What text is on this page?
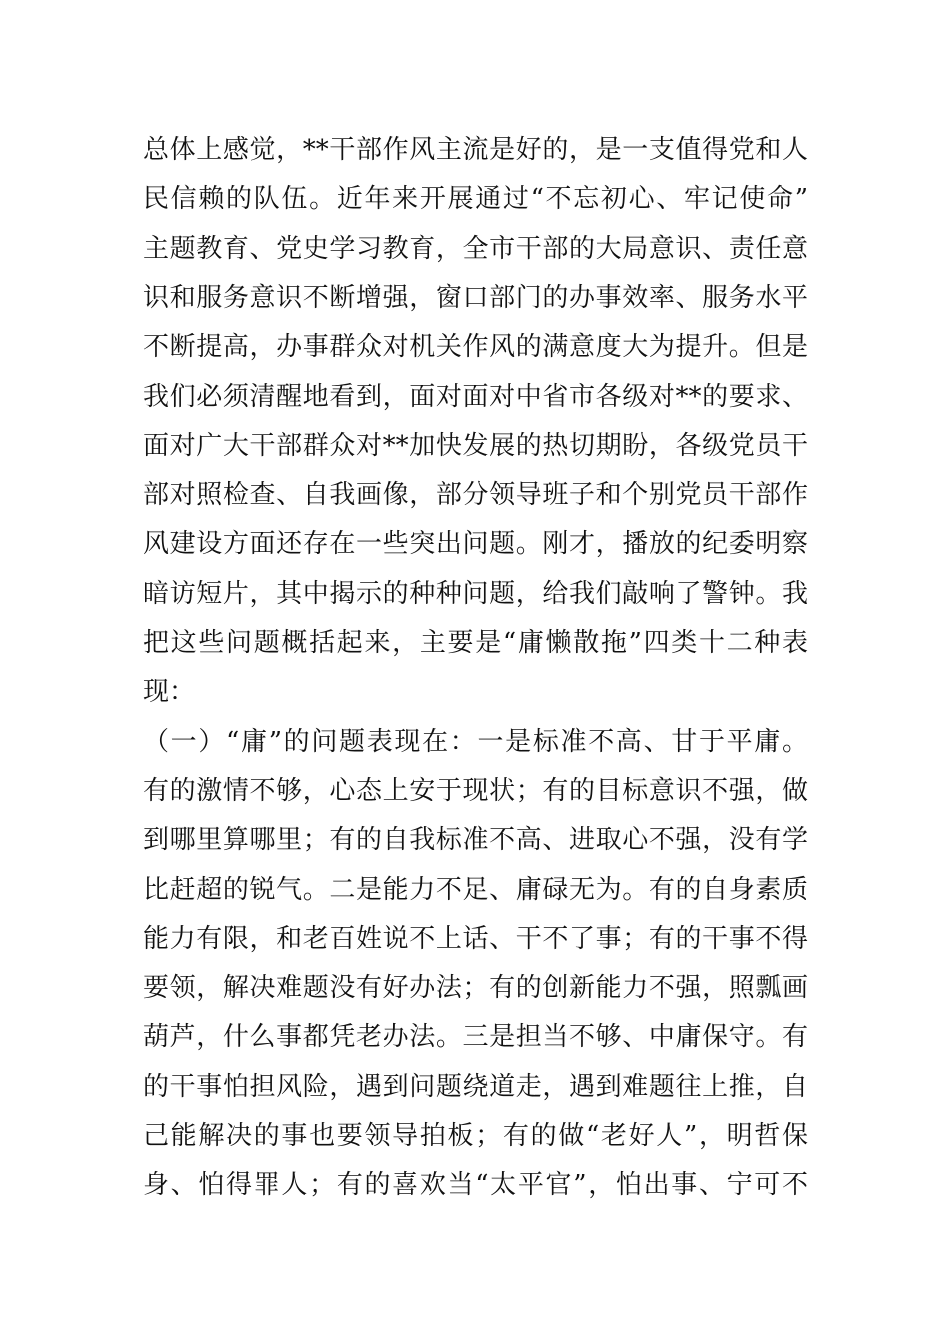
总体上感觉，**干部作风主流是好的，是一支值得党和人
民信赖的队伍。近年来开展通过“不忘初心、牢记使命”
主题教育、党史学习教育，全市干部的大局意识、责任意
识和服务意识不断增强，窗口部门的办事效率、服务水平
不断提高，办事群众对机关作风的满意度大为提升。但是
我们必须清醒地看到，面对面对中省市各级对**的要求、
面对广大干部群众对**加快发展的热切期盼，各级党员干
部对照检查、自我画像，部分领导班子和个别党员干部作
风建设方面还存在一些突出问题。刚才，播放的纪委明察
暗访短片，其中揭示的种种问题，给我们敲响了警钟。我
把这些问题概括起来，主要是“庸懒散拖”四类十二种表
现：
（一）“庸”的问题表现在：一是标准不高、甘于平庸。
有的激情不够，心态上安于现状；有的目标意识不强，做
到哪里算哪里；有的自我标准不高、进取心不强，没有学
比赶超的锐气。二是能力不足、庸碌无为。有的自身素质
能力有限，和老百姓说不上话、干不了事；有的干事不得
要领，解决难题没有好办法；有的创新能力不强，照瓢画
葫芦，什么事都凭老办法。三是担当不够、中庸保守。有
的干事怕担风险，遇到问题绕道走，遇到难题往上推，自
己能解决的事也要领导拍板；有的做“老好人”，明哲保
身、怕得罪人；有的喜欢当“太平官”，怕出事、宁可不
